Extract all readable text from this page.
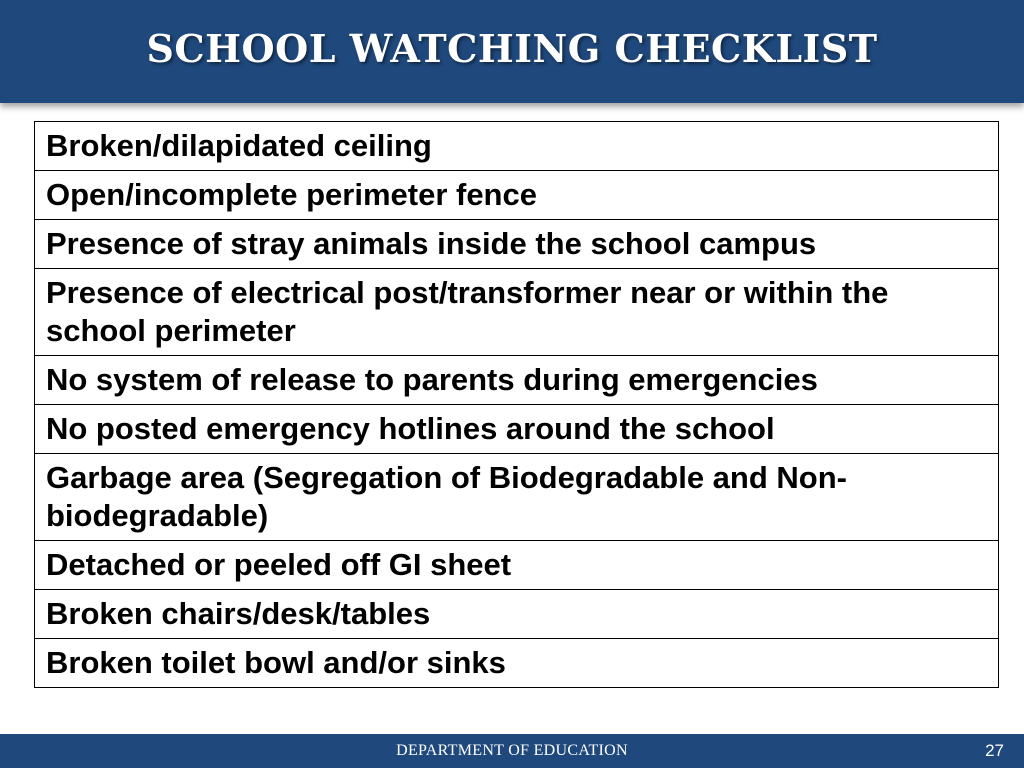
SCHOOL WATCHING CHECKLIST
Broken/dilapidated ceiling
Open/incomplete perimeter fence
Presence of stray animals inside the school campus
Presence of electrical post/transformer near or within the school perimeter
No system of release to parents during emergencies
No posted emergency hotlines around the school
Garbage area (Segregation of Biodegradable and Non-biodegradable)
Detached or peeled off GI sheet
Broken chairs/desk/tables
Broken toilet bowl and/or sinks
DEPARTMENT OF EDUCATION	27
